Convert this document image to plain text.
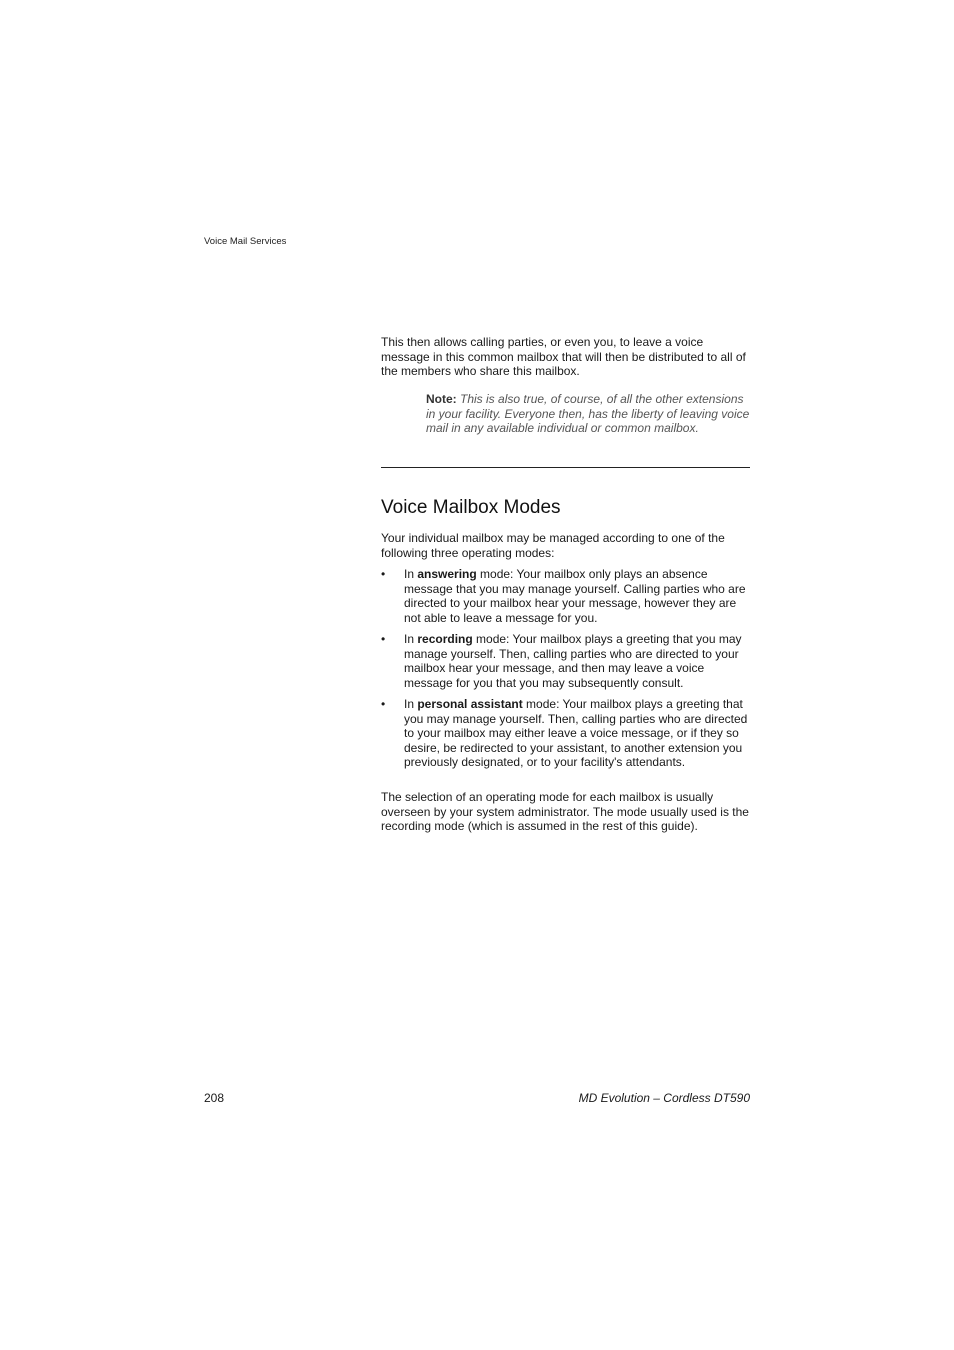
Voice Mail Services

This then allows calling parties, or even you, to leave a voice message in this common mailbox that will then be distributed to all of the members who share this mailbox.

Note: This is also true, of course, of all the other extensions in your facility. Everyone then, has the liberty of leaving voice mail in any available individual or common mailbox.
Voice Mailbox Modes

Your individual mailbox may be managed according to one of the following three operating modes:

• In answering mode: Your mailbox only plays an absence message that you may manage yourself. Calling parties who are directed to your mailbox hear your message, however they are not able to leave a message for you.
• In recording mode: Your mailbox plays a greeting that you may manage yourself. Then, calling parties who are directed to your mailbox hear your message, and then may leave a voice message for you that you may subsequently consult.
• In personal assistant mode: Your mailbox plays a greeting that you may manage yourself. Then, calling parties who are directed to your mailbox may either leave a voice message, or if they so desire, be redirected to your assistant, to another extension you previously designated, or to your facility's attendants.

The selection of an operating mode for each mailbox is usually overseen by your system administrator. The mode usually used is the recording mode (which is assumed in the rest of this guide).

208	MD Evolution – Cordless DT590
